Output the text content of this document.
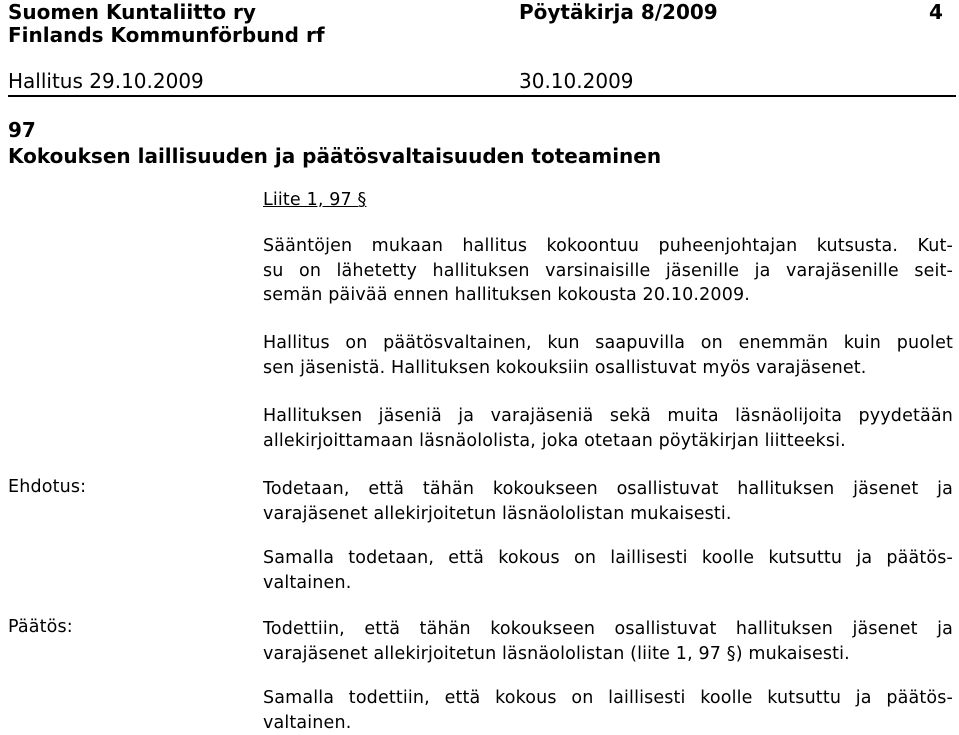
Suomen Kuntaliitto ry
Finlands Kommunförbund rf
Pöytäkirja 8/2009	4
Hallitus 29.10.2009	30.10.2009
97
Kokouksen laillisuuden ja päätösvaltaisuuden toteaminen
Liite 1, 97 §
Sääntöjen mukaan hallitus kokoontuu puheenjohtajan kutsusta. Kut-
su on lähetetty hallituksen varsinaisille jäsenille ja varajäsenille seit-
semän päivää ennen hallituksen kokousta 20.10.2009.
Hallitus on päätösvaltainen, kun saapuvilla on enemmän kuin puolet
sen jäsenistä. Hallituksen kokouksiin osallistuvat myös varajäsenet.
Hallituksen jäseniä ja varajäseniä sekä muita läsnäolijoita pyydetään
allekirjoittamaan läsnäololista, joka otetaan pöytäkirjan liitteeksi.
Ehdotus:	Todetaan, että tähän kokoukseen osallistuvat hallituksen jäsenet ja
varajäsenet allekirjoitetun läsnäololistan mukaisesti.
Samalla todetaan, että kokous on laillisesti koolle kutsuttu ja päätös-
valtainen.
Päätös:	Todettiin, että tähän kokoukseen osallistuvat hallituksen jäsenet ja
varajäsenet allekirjoitetun läsnäololistan (liite 1, 97 §) mukaisesti.
Samalla todettiin, että kokous on laillisesti koolle kutsuttu ja päätös-
valtainen.
